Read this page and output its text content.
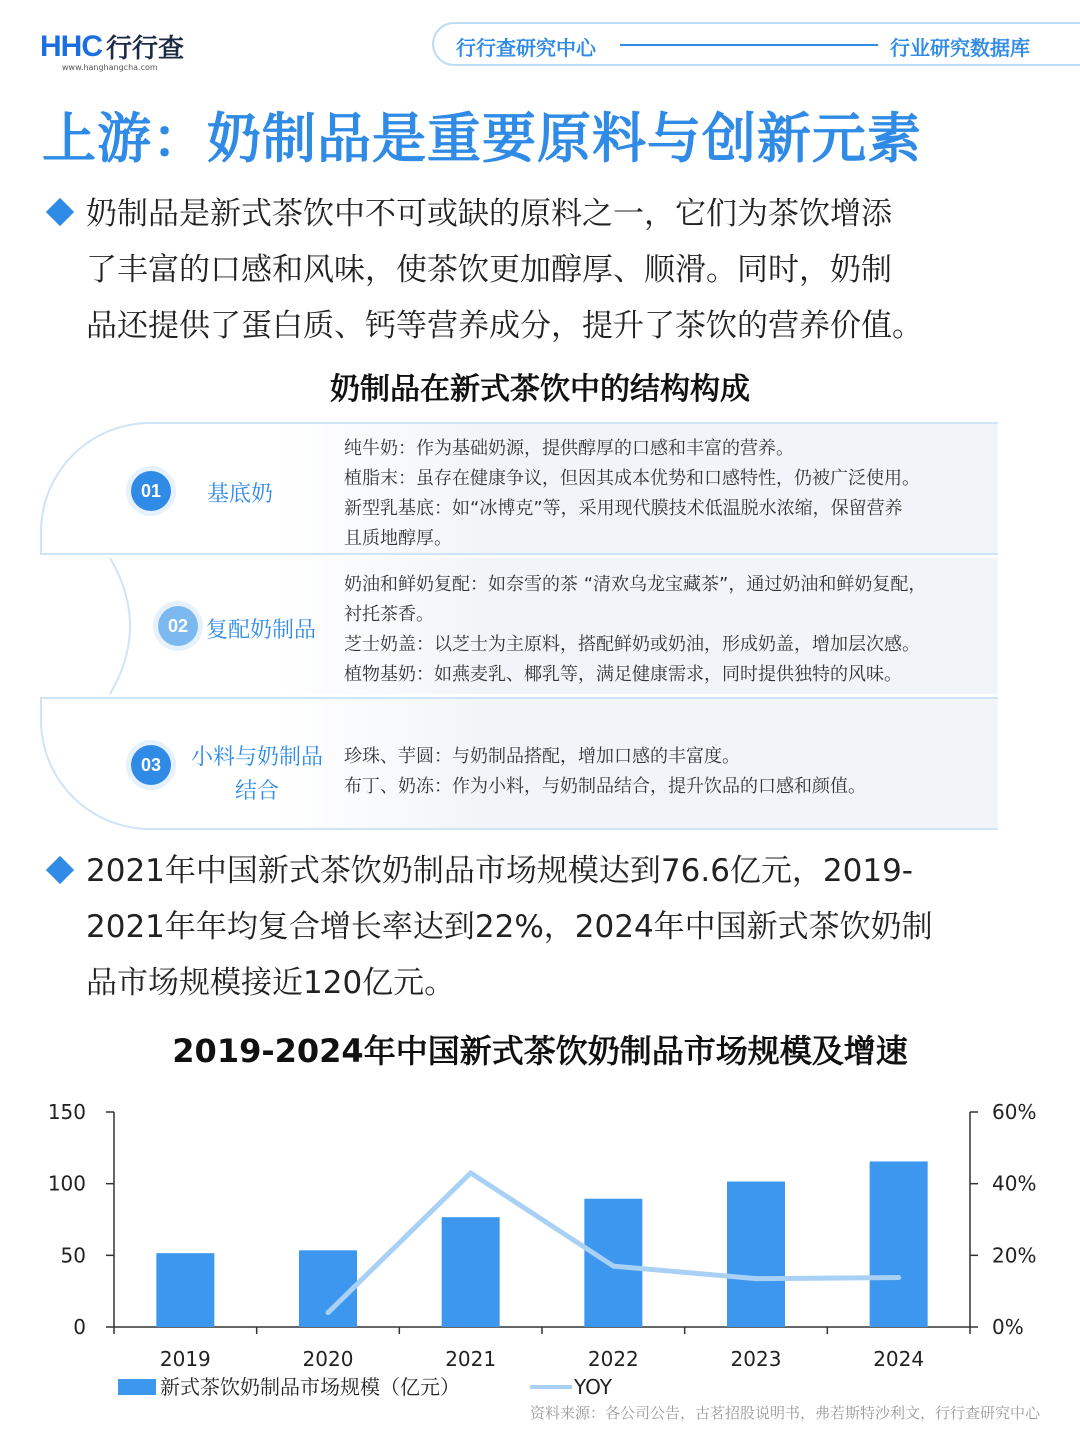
HHC 行行查
www.hanghangcha.com
行行查研究中心	行业研究数据库
上游：奶制品是重要原料与创新元素
奶制品是新式茶饮中不可或缺的原料之一，它们为茶饮增添
了丰富的口感和风味，使茶饮更加醇厚、顺滑。同时，奶制
品还提供了蛋白质、钙等营养成分，提升了茶饮的营养价值。
奶制品在新式茶饮中的结构构成
01	基底奶
纯牛奶：作为基础奶源，提供醇厚的口感和丰富的营养。
植脂末：虽存在健康争议，但因其成本优势和口感特性，仍被广泛使用。
新型乳基底：如“冰博克”等，采用现代膜技术低温脱水浓缩，保留营养
且质地醇厚。
02 复配奶制品
奶油和鲜奶复配：如奈雪的茶 “清欢乌龙宝藏茶”，通过奶油和鲜奶复配，
衬托茶香。
芝士奶盖：以芝士为主原料，搭配鲜奶或奶油，形成奶盖，增加层次感。
植物基奶：如燕麦乳、椰乳等，满足健康需求，同时提供独特的风味。
03	小料与奶制品
结合
珍珠、芋圆：与奶制品搭配，增加口感的丰富度。
布丁、奶冻：作为小料，与奶制品结合，提升饮品的口感和颜值。
2021年中国新式茶饮奶制品市场规模达到76.6亿元，2019-
2021年年均复合增长率达到22%，2024年中国新式茶饮奶制
品市场规模接近120亿元。
2019-2024年中国新式茶饮奶制品市场规模及增速
0
50
100
150
0%
20%
40%
60%
2019	2020	2021	2022	2023	2024
新式茶饮奶制品市场规模（亿元）	YOY
资料来源：各公司公告，古茗招股说明书，弗若斯特沙利文，行行查研究中心
